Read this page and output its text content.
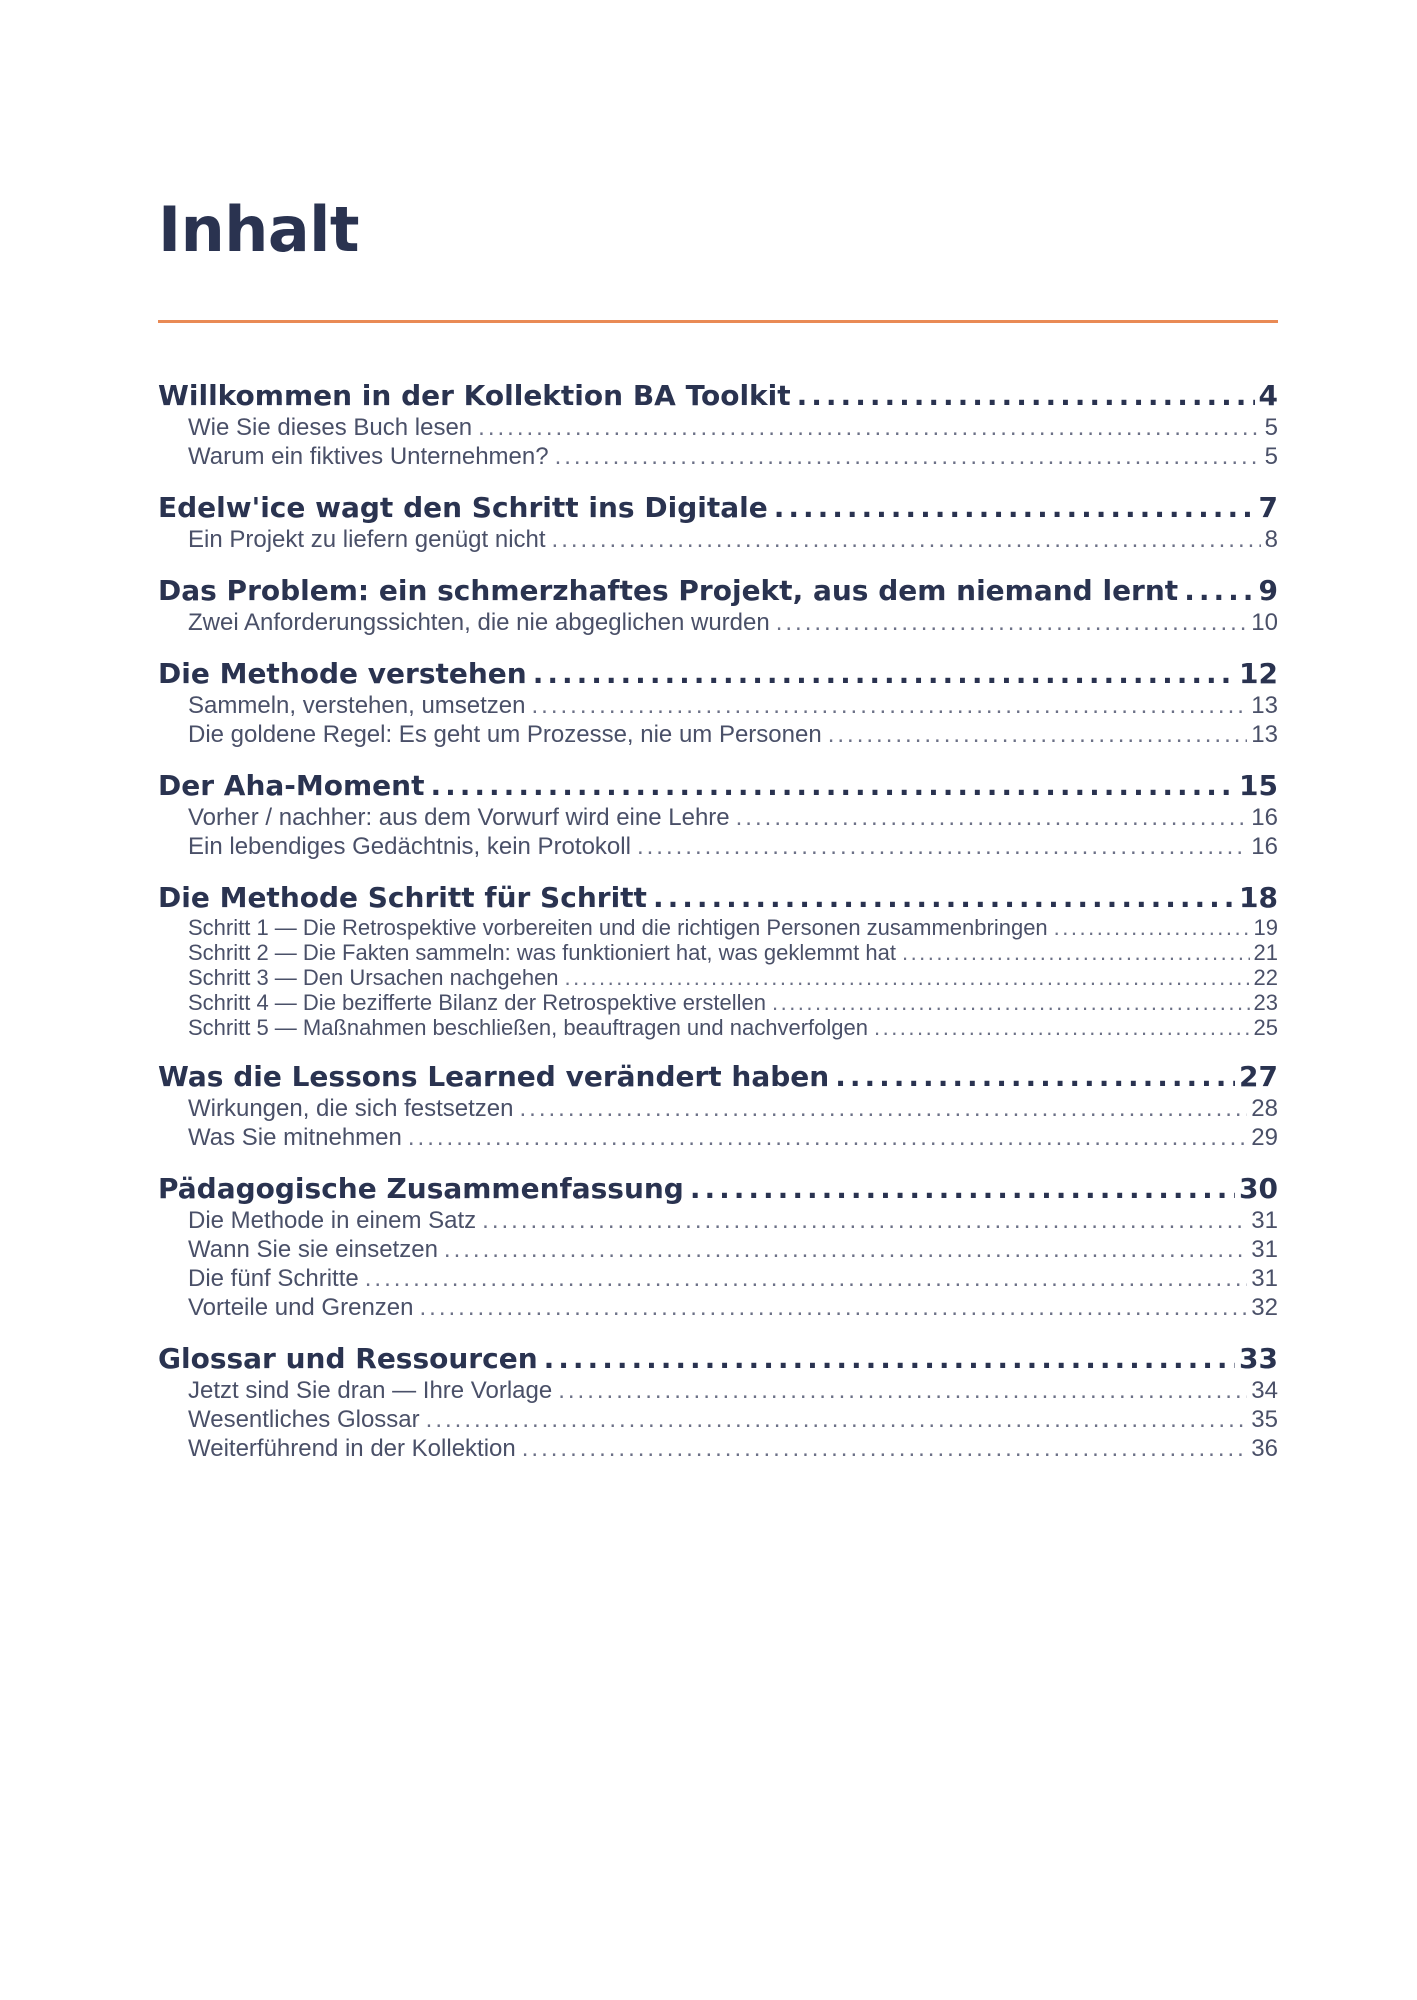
Inhalt
Willkommen in der Kollektion BA Toolkit .....	4
Wie Sie dieses Buch lesen .....	5
Warum ein fiktives Unternehmen? .....	5
Edelw'ice wagt den Schritt ins Digitale .....	7
Ein Projekt zu liefern genügt nicht .....	8
Das Problem: ein schmerzhaftes Projekt, aus dem niemand lernt .....	9
Zwei Anforderungssichten, die nie abgeglichen wurden .....	10
Die Methode verstehen .....	12
Sammeln, verstehen, umsetzen .....	13
Die goldene Regel: Es geht um Prozesse, nie um Personen .....	13
Der Aha-Moment .....	15
Vorher / nachher: aus dem Vorwurf wird eine Lehre .....	16
Ein lebendiges Gedächtnis, kein Protokoll .....	16
Die Methode Schritt für Schritt .....	18
Schritt 1 — Die Retrospektive vorbereiten und die richtigen Personen zusammenbringen .....	19
Schritt 2 — Die Fakten sammeln: was funktioniert hat, was geklemmt hat .....	21
Schritt 3 — Den Ursachen nachgehen .....	22
Schritt 4 — Die bezifferte Bilanz der Retrospektive erstellen .....	23
Schritt 5 — Maßnahmen beschließen, beauftragen und nachverfolgen .....	25
Was die Lessons Learned verändert haben .....	27
Wirkungen, die sich festsetzen .....	28
Was Sie mitnehmen .....	29
Pädagogische Zusammenfassung .....	30
Die Methode in einem Satz .....	31
Wann Sie sie einsetzen .....	31
Die fünf Schritte .....	31
Vorteile und Grenzen .....	32
Glossar und Ressourcen .....	33
Jetzt sind Sie dran — Ihre Vorlage .....	34
Wesentliches Glossar .....	35
Weiterführend in der Kollektion .....	36
